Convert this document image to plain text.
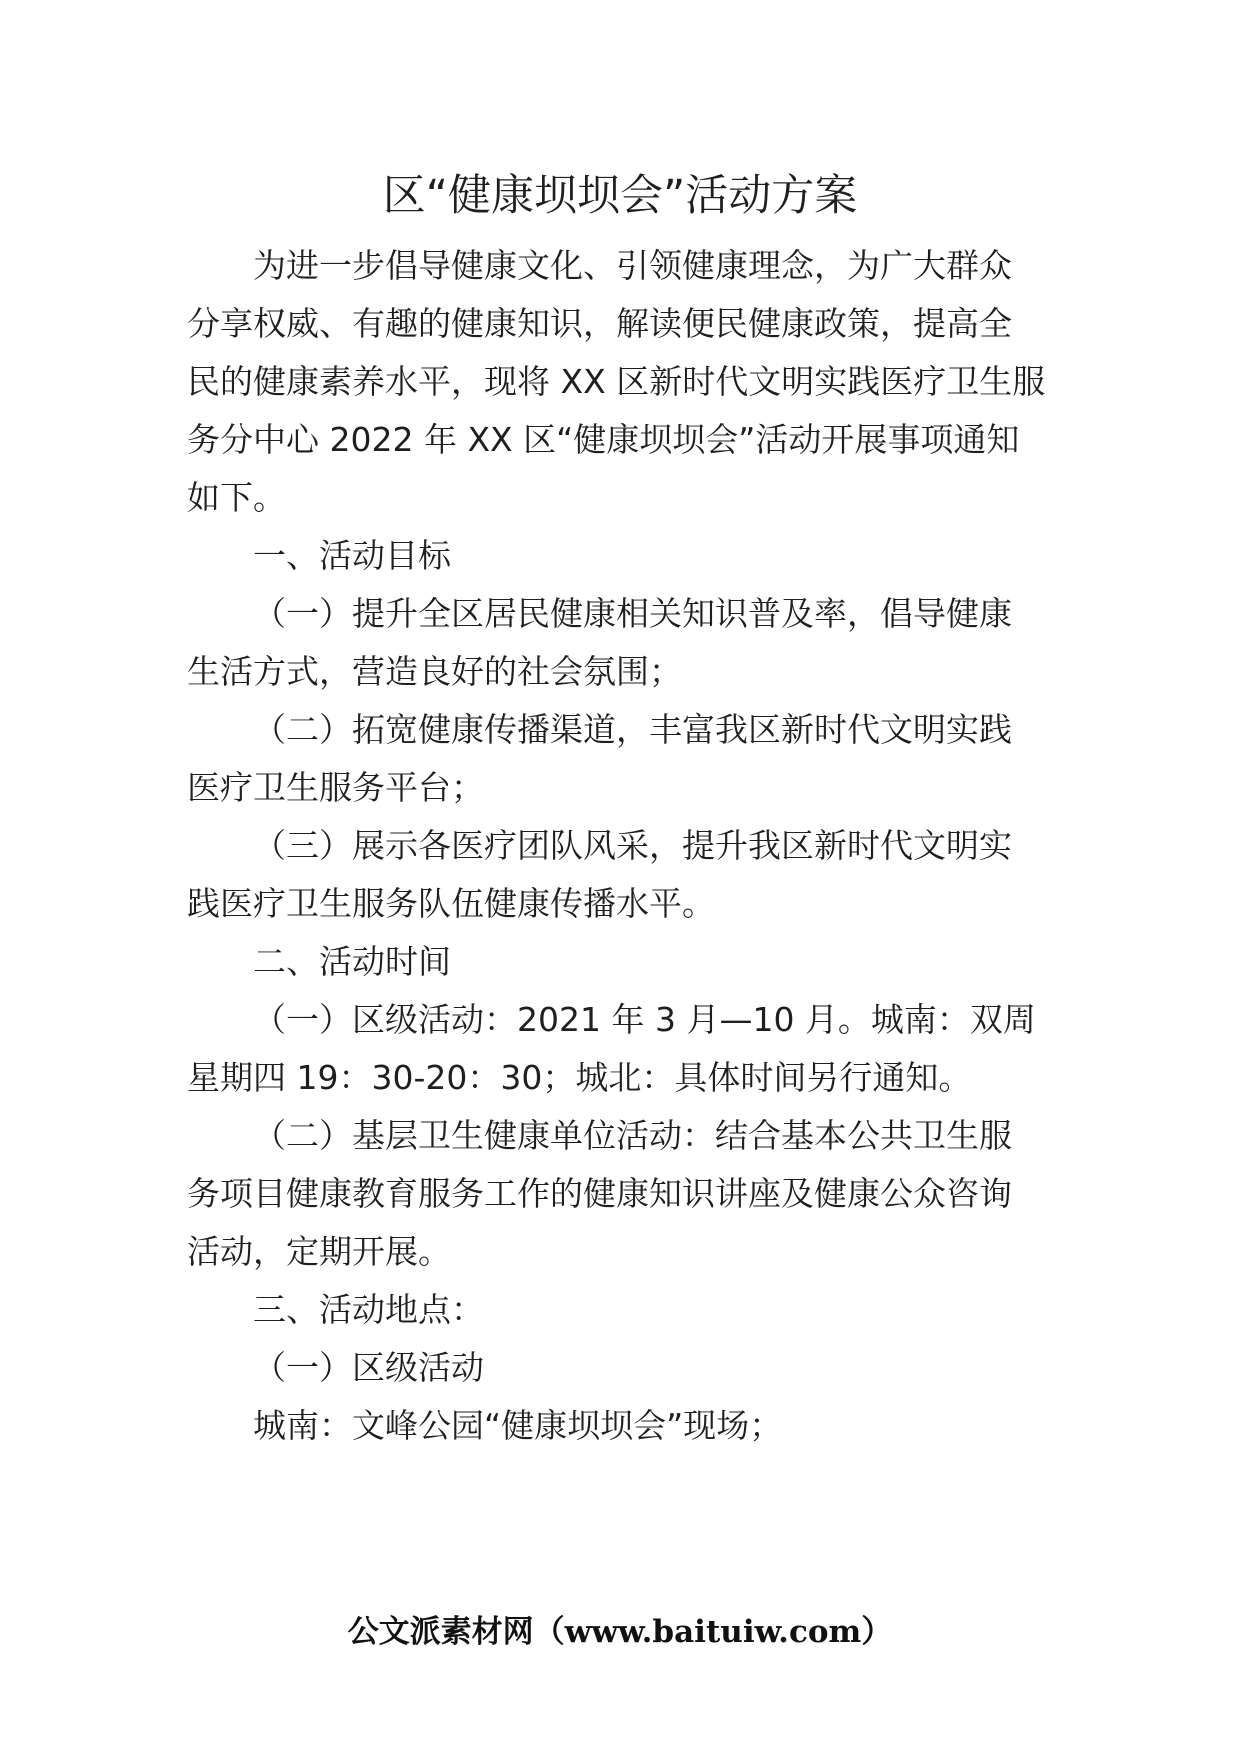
区“健康坝坝会”活动方案
为进一步倡导健康文化、引领健康理念，为广大群众
分享权威、有趣的健康知识，解读便民健康政策，提高全
民的健康素养水平，现将 XX 区新时代文明实践医疗卫生服
务分中心 2022 年 XX 区“健康坝坝会”活动开展事项通知
如下。
一、活动目标
（一）提升全区居民健康相关知识普及率，倡导健康
生活方式，营造良好的社会氛围；
（二）拓宽健康传播渠道，丰富我区新时代文明实践
医疗卫生服务平台；
（三）展示各医疗团队风采，提升我区新时代文明实
践医疗卫生服务队伍健康传播水平。
二、活动时间
（一）区级活动：2021 年 3 月—10 月。城南：双周
星期四 19：30-20：30；城北：具体时间另行通知。
（二）基层卫生健康单位活动：结合基本公共卫生服
务项目健康教育服务工作的健康知识讲座及健康公众咨询
活动，定期开展。
三、活动地点：
（一）区级活动
城南：文峰公园“健康坝坝会”现场；
公文派素材网（www.baituiw.com）
